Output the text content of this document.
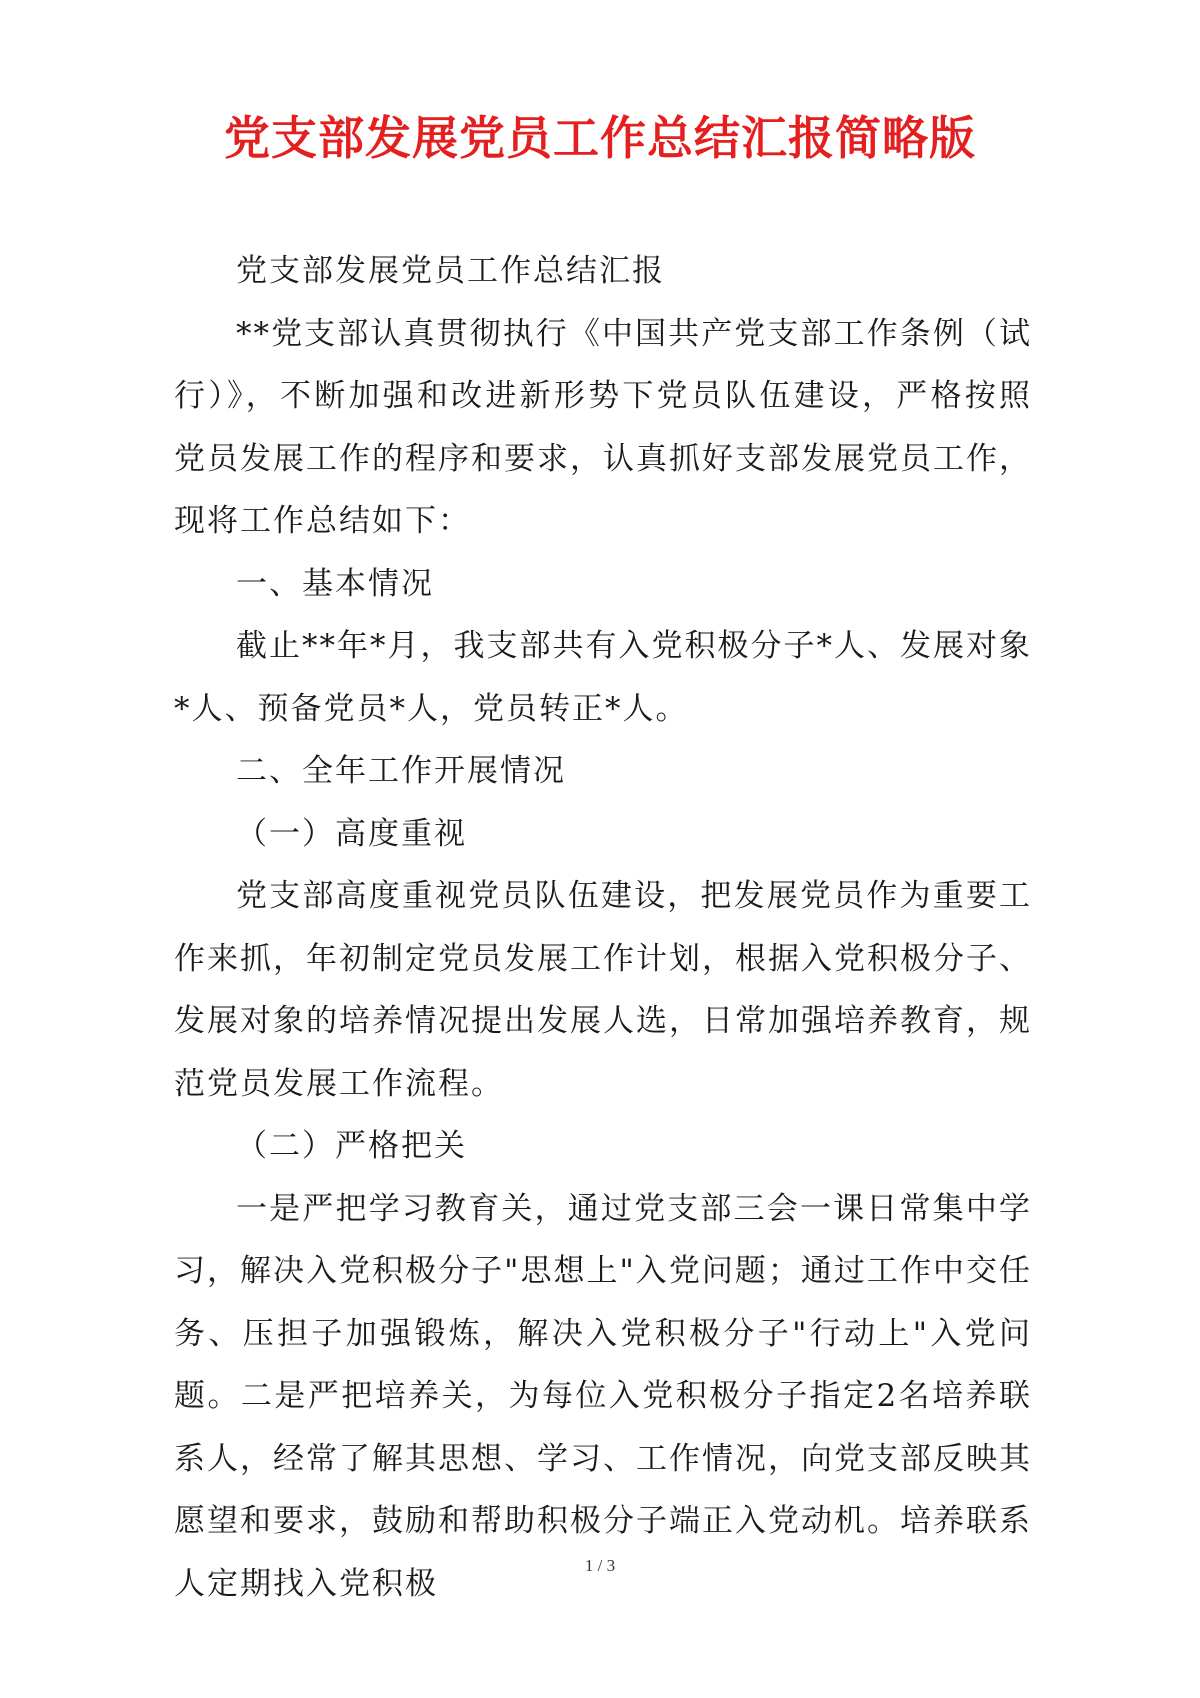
党支部发展党员工作总结汇报简略版

党支部发展党员工作总结汇报

**党支部认真贯彻执行《中国共产党支部工作条例（试行）》，不断加强和改进新形势下党员队伍建设，严格按照党员发展工作的程序和要求，认真抓好支部发展党员工作，现将工作总结如下：

一、基本情况

截止**年*月，我支部共有入党积极分子*人、发展对象*人、预备党员*人，党员转正*人。

二、全年工作开展情况

（一）高度重视

党支部高度重视党员队伍建设，把发展党员作为重要工作来抓，年初制定党员发展工作计划，根据入党积极分子、发展对象的培养情况提出发展人选，日常加强培养教育，规范党员发展工作流程。

（二）严格把关

一是严把学习教育关，通过党支部三会一课日常集中学习，解决入党积极分子"思想上"入党问题；通过工作中交任务、压担子加强锻炼，解决入党积极分子"行动上"入党问题。二是严把培养关，为每位入党积极分子指定2名培养联系人，经常了解其思想、学习、工作情况，向党支部反映其愿望和要求，鼓励和帮助积极分子端正入党动机。培养联系人定期找入党积极	1 / 3
